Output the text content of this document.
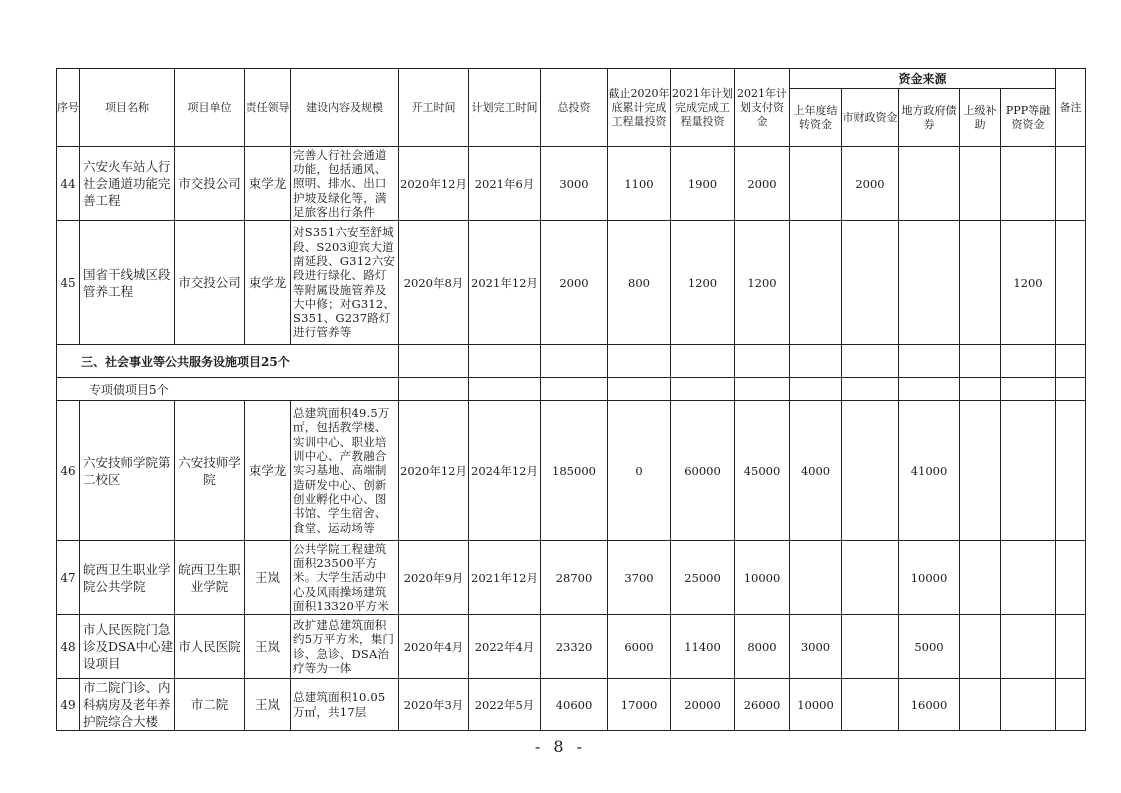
序号	项目名称	项目单位	责任领导	建设内容及规模	开工时间	计划完工时间	总投资	截止2020年底累计完成工程量投资	2021年计划完成完成工程量投资	2021年计划支付资金	资金来源					备注
											上年度结转资金	市财政资金	地方政府债券	上级补助	PPP等融资资金	
44	六安火车站人行社会通道功能完善工程	市交投公司	束学龙	完善人行社会通道功能，包括通风、照明、排水、出口护坡及绿化等，满足旅客出行条件	2020年12月	2021年6月	3000	1100	1900	2000		2000				
45	国省干线城区段管养工程	市交投公司	束学龙	对S351六安至舒城段、S203迎宾大道南延段、G312六安段进行绿化、路灯等附属设施管养及大中修；对G312、S351、G237路灯进行管养等	2020年8月	2021年12月	2000	800	1200	1200					1200	
三、社会事业等公共服务设施项目25个																
专项债项目5个																
46	六安技师学院第二校区	六安技师学院	束学龙	总建筑面积49.5万㎡，包括教学楼、实训中心、职业培训中心、产教融合实习基地、高端制造研发中心、创新创业孵化中心、图书馆、学生宿舍、食堂、运动场等	2020年12月	2024年12月	185000	0	60000	45000	4000		41000			
47	皖西卫生职业学院公共学院	皖西卫生职业学院	王岚	公共学院工程建筑面积23500平方米。大学生活动中心及风雨操场建筑面积13320平方米	2020年9月	2021年12月	28700	3700	25000	10000			10000			
48	市人民医院门急诊及DSA中心建设项目	市人民医院	王岚	改扩建总建筑面积约5万平方米，集门诊、急诊、DSA治疗等为一体	2020年4月	2022年4月	23320	6000	11400	8000	3000		5000			
49	市二院门诊、内科病房及老年养护院综合大楼	市二院	王岚	总建筑面积10.05万㎡，共17层	2020年3月	2022年5月	40600	17000	20000	26000	10000		16000			
- 8 -
